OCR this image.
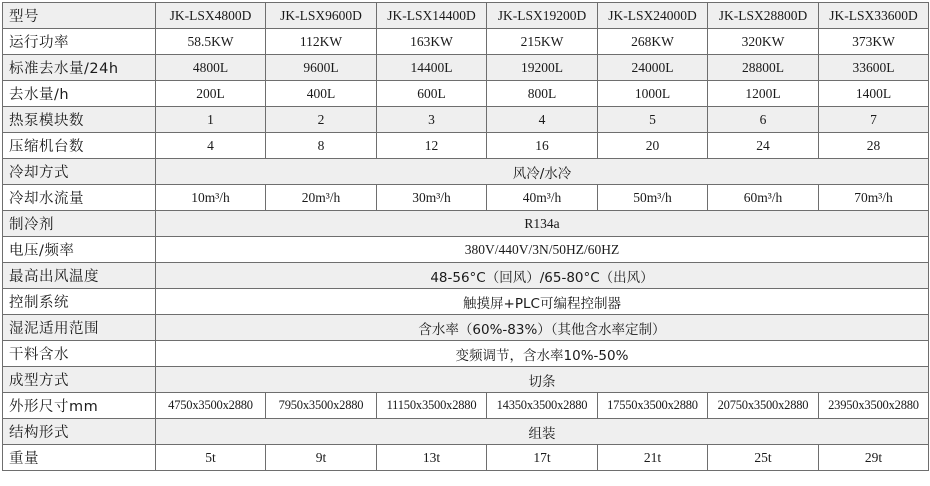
型号	JK-LSX4800D	JK-LSX9600D	JK-LSX14400D	JK-LSX19200D	JK-LSX24000D	JK-LSX28800D	JK-LSX33600D
运行功率	58.5KW	112KW	163KW	215KW	268KW	320KW	373KW
标准去水量/24h	4800L	9600L	14400L	19200L	24000L	28800L	33600L
去水量/h	200L	400L	600L	800L	1000L	1200L	1400L
热泵模块数	1	2	3	4	5	6	7
压缩机台数	4	8	12	16	20	24	28
冷却方式	风冷/水冷						
冷却水流量	10m³/h	20m³/h	30m³/h	40m³/h	50m³/h	60m³/h	70m³/h
制冷剂	R134a						
电压/频率	380V/440V/3N/50HZ/60HZ						
最高出风温度	48-56°C（回风）/65-80°C（出风）						
控制系统	触摸屏+PLC可编程控制器						
湿泥适用范围	含水率（60%-83%）（其他含水率定制）						
干料含水	变频调节，含水率10%-50%						
成型方式	切条						
外形尺寸mm	4750x3500x2880	7950x3500x2880	11150x3500x2880	14350x3500x2880	17550x3500x2880	20750x3500x2880	23950x3500x2880
结构形式	组装						
重量	5t	9t	13t	17t	21t	25t	29t
